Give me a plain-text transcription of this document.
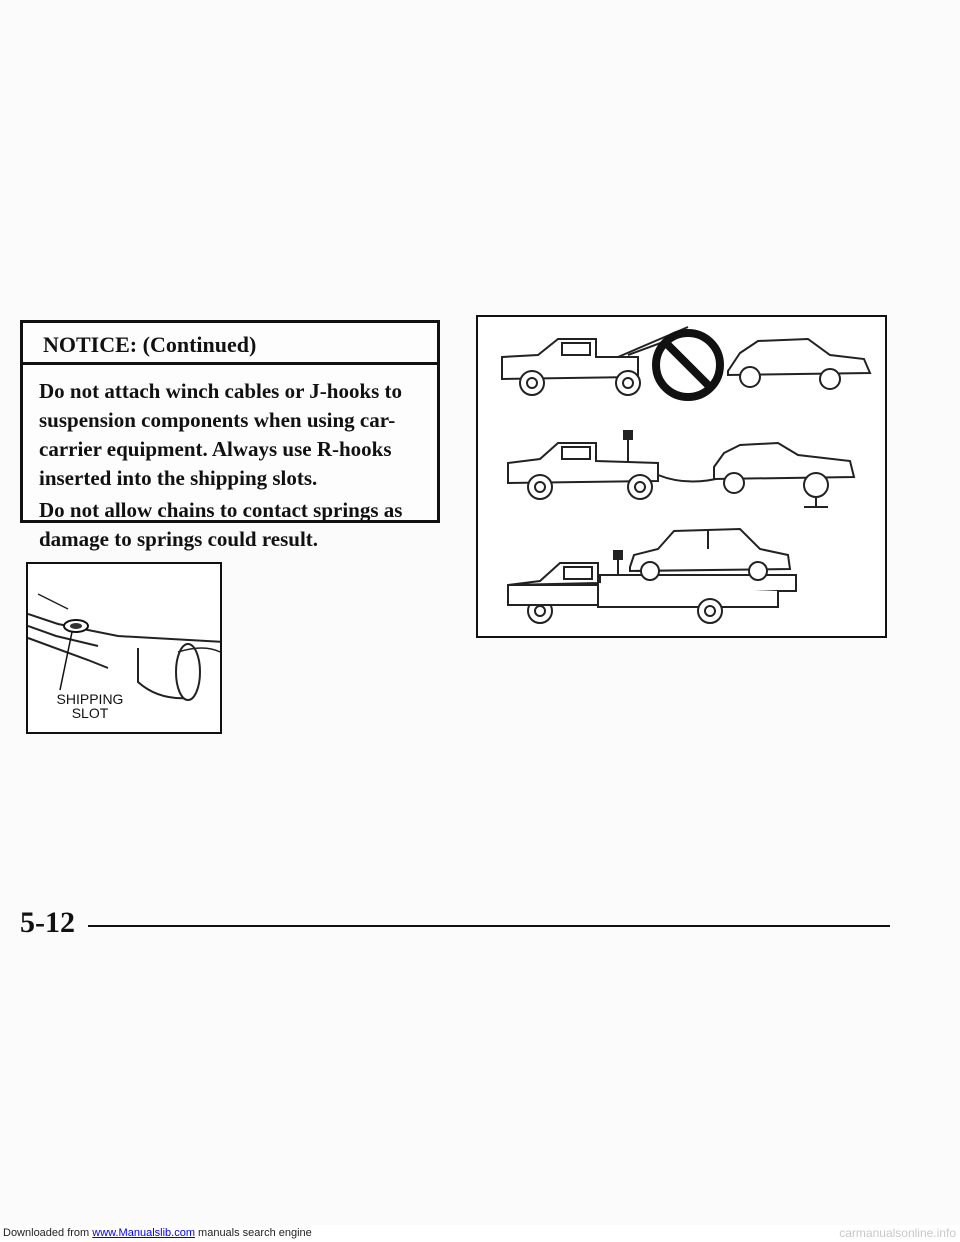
NOTICE: (Continued)

Do not attach winch cables or J-hooks to suspension components when using car-carrier equipment. Always use R-hooks inserted into the shipping slots.

Do not allow chains to contact springs as damage to springs could result.

SHIPPING
SLOT
5-12
Downloaded from www.Manualslib.com manuals search engine	carmanualsonline.info
